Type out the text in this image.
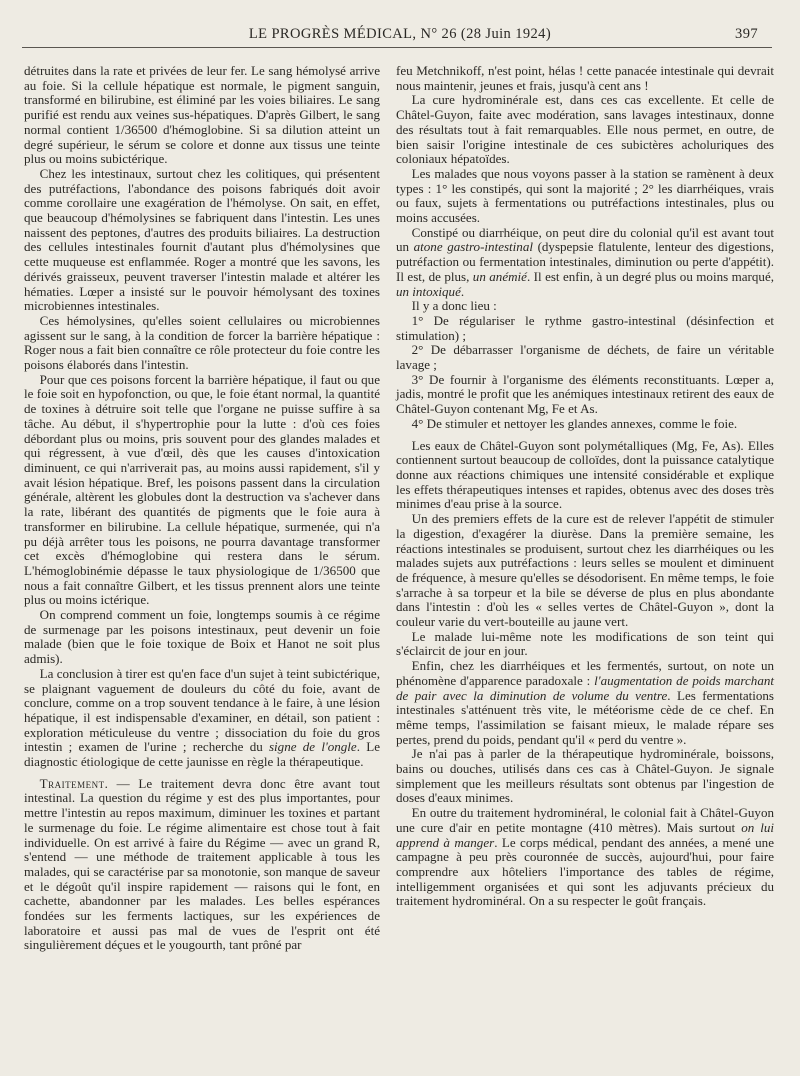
LE PROGRÈS MÉDICAL, N° 26 (28 Juin 1924)	397

détruites dans la rate et privées de leur fer. Le sang hémolysé arrive au foie. Si la cellule hépatique est normale, le pigment sanguin, transformé en bilirubine, est éliminé par les voies biliaires. Le sang purifié est rendu aux veines sus-hépatiques. D'après Gilbert, le sang normal contient 1/36500 d'hémoglobine. Si sa dilution atteint un degré supérieur, le sérum se colore et donne aux tissus une teinte plus ou moins subictérique.

Chez les intestinaux, surtout chez les colitiques, qui présentent des putréfactions, l'abondance des poisons fabriqués doit avoir comme corollaire une exagération de l'hémolyse. On sait, en effet, que beaucoup d'hémolysines se fabriquent dans l'intestin. Les unes naissent des peptones, d'autres des produits biliaires. La destruction des cellules intestinales fournit d'autant plus d'hémolysines que cette muqueuse est enflammée. Roger a montré que les savons, les dérivés graisseux, peuvent traverser l'intestin malade et altérer les hématies. Lœper a insisté sur le pouvoir hémolysant des toxines microbiennes intestinales.

Ces hémolysines, qu'elles soient cellulaires ou microbiennes agissent sur le sang, à la condition de forcer la barrière hépatique : Roger nous a fait bien connaître ce rôle protecteur du foie contre les poisons élaborés dans l'intestin.

Pour que ces poisons forcent la barrière hépatique, il faut ou que le foie soit en hypofonction, ou que, le foie étant normal, la quantité de toxines à détruire soit telle que l'organe ne puisse suffire à sa tâche. Au début, il s'hypertrophie pour la lutte : d'où ces foies débordant plus ou moins, pris souvent pour des glandes malades et qui régressent, à vue d'œil, dès que les causes d'intoxication diminuent, ce qui n'arriverait pas, au moins aussi rapidement, s'il y avait lésion hépatique. Bref, les poisons passent dans la circulation générale, altèrent les globules dont la destruction va s'achever dans la rate, libérant des quantités de pigments que le foie aura à transformer en bilirubine. La cellule hépatique, surmenée, qui n'a pu déjà arrêter tous les poisons, ne pourra davantage transformer cet excès d'hémoglobine qui restera dans le sérum. L'hémoglobinémie dépasse le taux physiologique de 1/36500 que nous a fait connaître Gilbert, et les tissus prennent alors une teinte plus ou moins ictérique.

On comprend comment un foie, longtemps soumis à ce régime de surmenage par les poisons intestinaux, peut devenir un foie malade (bien que le foie toxique de Boix et Hanot ne soit plus admis).

La conclusion à tirer est qu'en face d'un sujet à teint subictérique, se plaignant vaguement de douleurs du côté du foie, avant de conclure, comme on a trop souvent tendance à le faire, à une lésion hépatique, il est indispensable d'examiner, en détail, son patient : exploration méticuleuse du ventre ; dissociation du foie du gros intestin ; examen de l'urine ; recherche du signe de l'ongle. Le diagnostic étiologique de cette jaunisse en règle la thérapeutique.

Traitement. — Le traitement devra donc être avant tout intestinal. La question du régime y est des plus importantes, pour mettre l'intestin au repos maximum, diminuer les toxines et partant le surmenage du foie. Le régime alimentaire est chose tout à fait individuelle. On est arrivé à faire du Régime — avec un grand R, s'entend — une méthode de traitement applicable à tous les malades, qui se caractérise par sa monotonie, son manque de saveur et le dégoût qu'il inspire rapidement — raisons qui le font, en cachette, abandonner par les malades. Les belles espérances fondées sur les ferments lactiques, sur les expériences de laboratoire et aussi pas mal de vues de l'esprit ont été singulièrement déçues et le yougourth, tant prôné par

feu Metchnikoff, n'est point, hélas ! cette panacée intestinale qui devrait nous maintenir, jeunes et frais, jusqu'à cent ans !

La cure hydrominérale est, dans ces cas excellente. Et celle de Châtel-Guyon, faite avec modération, sans lavages intestinaux, donne des résultats tout à fait remarquables. Elle nous permet, en outre, de bien saisir l'origine intestinale de ces subictères acholuriques des coloniaux hépatoïdes.

Les malades que nous voyons passer à la station se ramènent à deux types : 1° les constipés, qui sont la majorité ; 2° les diarrhéiques, vrais ou faux, sujets à fermentations ou putréfactions intestinales, plus ou moins accusées.

Constipé ou diarrhéique, on peut dire du colonial qu'il est avant tout un atone gastro-intestinal (dyspepsie flatulente, lenteur des digestions, putréfaction ou fermentation intestinales, diminution ou perte d'appétit). Il est, de plus, un anémié. Il est enfin, à un degré plus ou moins marqué, un intoxiqué.

Il y a donc lieu :

1° De régulariser le rythme gastro-intestinal (désinfection et stimulation) ;

2° De débarrasser l'organisme de déchets, de faire un véritable lavage ;

3° De fournir à l'organisme des éléments reconstituants. Lœper a, jadis, montré le profit que les anémiques intestinaux retirent des eaux de Châtel-Guyon contenant Mg, Fe et As.

4° De stimuler et nettoyer les glandes annexes, comme le foie.

Les eaux de Châtel-Guyon sont polymétalliques (Mg, Fe, As). Elles contiennent surtout beaucoup de colloïdes, dont la puissance catalytique donne aux réactions chimiques une intensité considérable et explique les effets thérapeutiques intenses et rapides, obtenus avec des doses très minimes d'eau prise à la source.

Un des premiers effets de la cure est de relever l'appétit de stimuler la digestion, d'exagérer la diurèse. Dans la première semaine, les réactions intestinales se produisent, surtout chez les diarrhéiques ou les malades sujets aux putréfactions : leurs selles se moulent et diminuent de fréquence, à mesure qu'elles se désodorisent. En même temps, le foie s'arrache à sa torpeur et la bile se déverse de plus en plus abondante dans l'intestin : d'où les « selles vertes de Châtel-Guyon », dont la couleur varie du vert-bouteille au jaune vert.

Le malade lui-même note les modifications de son teint qui s'éclaircit de jour en jour.

Enfin, chez les diarrhéiques et les fermentés, surtout, on note un phénomène d'apparence paradoxale : l'augmentation de poids marchant de pair avec la diminution de volume du ventre. Les fermentations intestinales s'atténuent très vite, le météorisme cède de ce chef. En même temps, l'assimilation se faisant mieux, le malade répare ses pertes, prend du poids, pendant qu'il « perd du ventre ».

Je n'ai pas à parler de la thérapeutique hydrominérale, boissons, bains ou douches, utilisés dans ces cas à Châtel-Guyon. Je signale simplement que les meilleurs résultats sont obtenus par l'ingestion de doses d'eaux minimes.

En outre du traitement hydrominéral, le colonial fait à Châtel-Guyon une cure d'air en petite montagne (410 mètres). Mais surtout on lui apprend à manger. Le corps médical, pendant des années, a mené une campagne à peu près couronnée de succès, aujourd'hui, pour faire comprendre aux hôteliers l'importance des tables de régime, intelligemment organisées et qui sont les adjuvants précieux du traitement hydrominéral. On a su respecter le goût français.
